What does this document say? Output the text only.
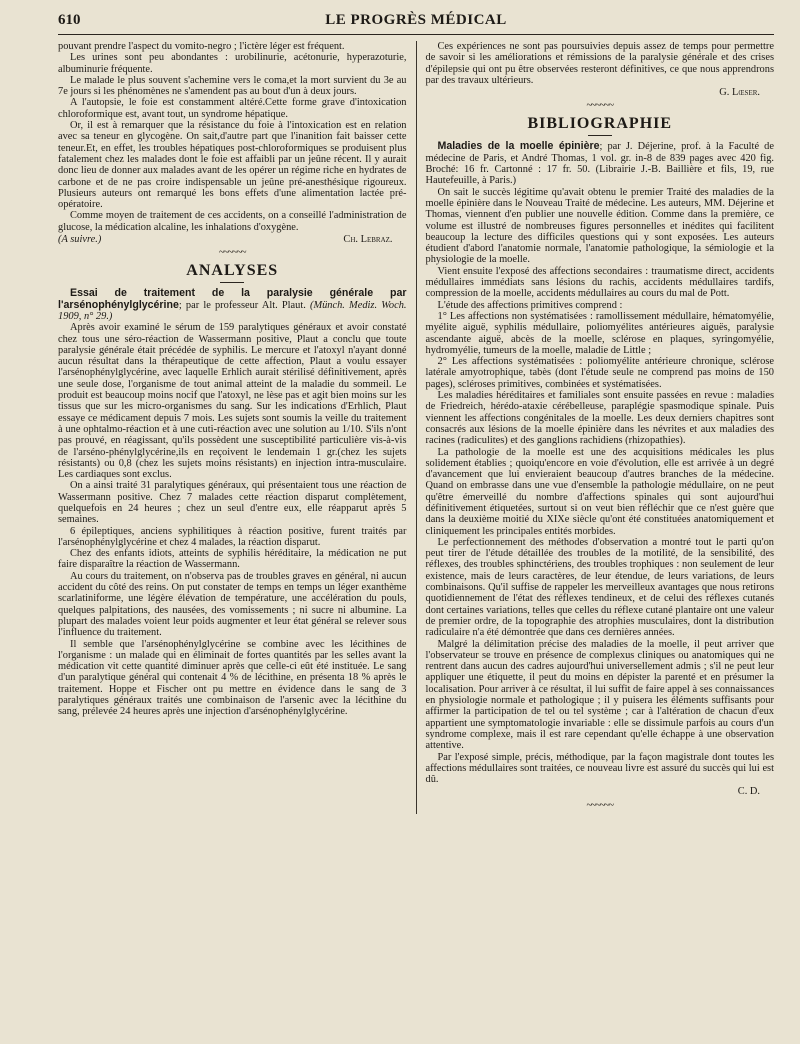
610	LE PROGRÈS MÉDICAL

pouvant prendre l'aspect du vomito-negro ; l'ictère léger est fréquent.

Les urines sont peu abondantes : urobilinurie, acétonurie, hyperazoturie, albuminurie fréquente.

Le malade le plus souvent s'achemine vers le coma,et la mort survient du 3e au 7e jours si les phénomènes ne s'amendent pas au bout d'un à deux jours.

A l'autopsie, le foie est constamment altéré.Cette forme grave d'intoxication chloroformique est, avant tout, un syndrome hépatique.

Or, il est à remarquer que la résistance du foie à l'intoxication est en relation avec sa teneur en glycogène. On sait,d'autre part que l'inanition fait baisser cette teneur.Et, en effet, les troubles hépatiques post-chloroformiques se produisent plus fatalement chez les malades dont le foie est affaibli par un jeûne récent. Il y aurait donc lieu de donner aux malades avant de les opérer un régime riche en hydrates de carbone et de ne pas croire indispensable un jeûne pré-anesthésique rigoureux. Plusieurs auteurs ont remarqué les bons effets d'une alimentation lactée pré-opératoire.

Comme moyen de traitement de ces accidents, on a conseillé l'administration de glucose, la médication alcaline, les inhalations d'oxygène.

(A suivre.)	Ch. Lebraz.
~~~~~~
ANALYSES

Essai de traitement de la paralysie générale par l'arsénophénylglycérine; par le professeur Alt. Plaut. (Münch. Mediz. Woch. 1909, n° 29.)

Après avoir examiné le sérum de 159 paralytiques généraux et avoir constaté chez tous une séro-réaction de Wassermann positive, Plaut a conclu que toute paralysie générale était précédée de syphilis. Le mercure et l'atoxyl n'ayant donné aucun résultat dans la thérapeutique de cette affection, Plaut a voulu essayer l'arsénophénylglycérine, avec laquelle Erhlich aurait stérilisé définitivement, après une seule dose, l'organisme de tout animal atteint de la maladie du sommeil. Le produit est beaucoup moins nocif que l'atoxyl, ne lèse pas et agit bien moins sur les tissus que sur les micro-organismes du sang. Sur les indications d'Erhlich, Plaut essaye ce médicament depuis 7 mois. Les sujets sont soumis la veille du traitement à une ophtalmo-réaction et à une cuti-réaction avec une solution au 1/10. S'ils n'ont pas prouvé, en réagissant, qu'ils possèdent une susceptibilité particulière vis-à-vis de l'arséno-phénylglycérine,ils en reçoivent le lendemain 1 gr.(chez les sujets résistants) ou 0,8 (chez les sujets moins résistants) en injection intra-musculaire. Les cardiaques sont exclus.

On a ainsi traité 31 paralytiques généraux, qui présentaient tous une réaction de Wassermann positive. Chez 7 malades cette réaction disparut complètement, quelquefois en 24 heures ; chez un seul d'entre eux, elle réapparut après 5 semaines.

6 épileptiques, anciens syphilitiques à réaction positive, furent traités par l'arsénophénylglycérine et chez 4 malades, la réaction disparut.

Chez des enfants idiots, atteints de syphilis héréditaire, la médication ne put faire disparaître la réaction de Wassermann.

Au cours du traitement, on n'observa pas de troubles graves en général, ni aucun accident du côté des reins. On put constater de temps en temps un léger exanthème scarlatiniforme, une légère élévation de température, une accélération du pouls, quelques palpitations, des nausées, des vomissements ; ni sucre ni albumine. La plupart des malades voient leur poids augmenter et leur état général se relever sous l'influence du traitement.

Il semble que l'arsénophénylglycérine se combine avec les lécithines de l'organisme : un malade qui en éliminait de fortes quantités par les selles avant la médication vit cette quantité diminuer après que celle-ci eût été instituée. Le sang d'un paralytique général qui contenait 4 % de lécithine, en présenta 18 % après le traitement. Hoppe et Fischer ont pu mettre en évidence dans le sang de 3 paralytiques généraux traités une combinaison de l'arsenic avec la lécithine du sang, prélevée 24 heures après une injection d'arsénophénylglycérine.

Ces expériences ne sont pas poursuivies depuis assez de temps pour permettre de savoir si les améliorations et rémissions de la paralysie générale et des crises d'épilepsie qui ont pu être observées resteront définitives, ce que nous apprendrons par des travaux ultérieurs.

G. Lœser.
~~~~~~
BIBLIOGRAPHIE

Maladies de la moelle épinière; par J. Déjerine, prof. à la Faculté de médecine de Paris, et André Thomas, 1 vol. gr. in-8 de 839 pages avec 420 fig. Broché: 16 fr. Cartonné : 17 fr. 50. (Librairie J.-B. Baillière et fils, 19, rue Hautefeuille, à Paris.)

On sait le succès légitime qu'avait obtenu le premier Traité des maladies de la moelle épinière dans le Nouveau Traité de médecine. Les auteurs, MM. Déjerine et Thomas, viennent d'en publier une nouvelle édition. Comme dans la première, ce volume est illustré de nombreuses figures personnelles et inédites qui facilitent beaucoup la lecture des difficiles questions qui y sont exposées. Les auteurs étudient d'abord l'anatomie normale, l'anatomie pathologique, la sémiologie et la physiologie de la moelle.

Vient ensuite l'exposé des affections secondaires : traumatisme direct, accidents médullaires immédiats sans lésions du rachis, accidents médullaires tardifs, compression de la moelle, accidents médullaires au cours du mal de Pott.

L'étude des affections primitives comprend :

1° Les affections non systématisées : ramollissement médullaire, hématomyélie, myélite aiguë, syphilis médullaire, poliomyélites antérieures aiguës, paralysie ascendante aiguë, abcès de la moelle, sclérose en plaques, syringomyélie, hydromyélie, tumeurs de la moelle, maladie de Little ;

2° Les affections systématisées : poliomyélite antérieure chronique, sclérose latérale amyotrophique, tabès (dont l'étude seule ne comprend pas moins de 150 pages), scléroses primitives, combinées et systématisées.

Les maladies héréditaires et familiales sont ensuite passées en revue : maladies de Friedreich, hérédo-ataxie cérébelleuse, paraplégie spasmodique spinale. Puis viennent les affections congénitales de la moelle. Les deux derniers chapitres sont consacrés aux lésions de la moelle épinière dans les névrites et aux maladies des racines (radiculites) et des ganglions rachidiens (rhizopathies).

La pathologie de la moelle est une des acquisitions médicales les plus solidement établies ; quoiqu'encore en voie d'évolution, elle est arrivée à un degré d'avancement que lui envieraient beaucoup d'autres branches de la médecine. Quand on embrasse dans une vue d'ensemble la pathologie médullaire, on ne peut qu'être émerveillé du nombre d'affections spinales qui sont aujourd'hui définitivement étiquetées, surtout si on veut bien réfléchir que ce n'est guère que dans la deuxième moitié du XIXe siècle qu'ont été constituées anatomiquement et cliniquement les principales entités morbides.

Le perfectionnement des méthodes d'observation a montré tout le parti qu'on peut tirer de l'étude détaillée des troubles de la motilité, de la sensibilité, des réflexes, des troubles sphinctériens, des troubles trophiques : non seulement de leur existence, mais de leurs caractères, de leur étendue, de leurs variations, de leurs combinaisons. Qu'il suffise de rappeler les merveilleux avantages que nous retirons quotidiennement de l'état des réflexes tendineux, et de celui des réflexes cutanés dont certaines variations, telles que celles du réflexe cutané plantaire ont une valeur de premier ordre, de la topographie des atrophies musculaires, dont la distribution radiculaire n'a été démontrée que dans ces dernières années.

Malgré la délimitation précise des maladies de la moelle, il peut arriver que l'observateur se trouve en présence de complexus cliniques ou anatomiques qui ne rentrent dans aucun des cadres aujourd'hui universellement admis ; s'il ne peut leur appliquer une étiquette, il peut du moins en dépister la parenté et en présumer la localisation. Pour arriver à ce résultat, il lui suffit de faire appel à ses connaissances en physiologie normale et pathologique ; il y puisera les éléments suffisants pour affirmer la participation de tel ou tel système ; car à l'altération de chacun d'eux appartient une symptomatologie invariable : elle se dissimule parfois au cours d'un syndrome complexe, mais il est rare cependant qu'elle échappe à une observation attentive.

Par l'exposé simple, précis, méthodique, par la façon magistrale dont toutes les affections médullaires sont traitées, ce nouveau livre est assuré du succès qui lui est dû.

C. D.
~~~~~~
